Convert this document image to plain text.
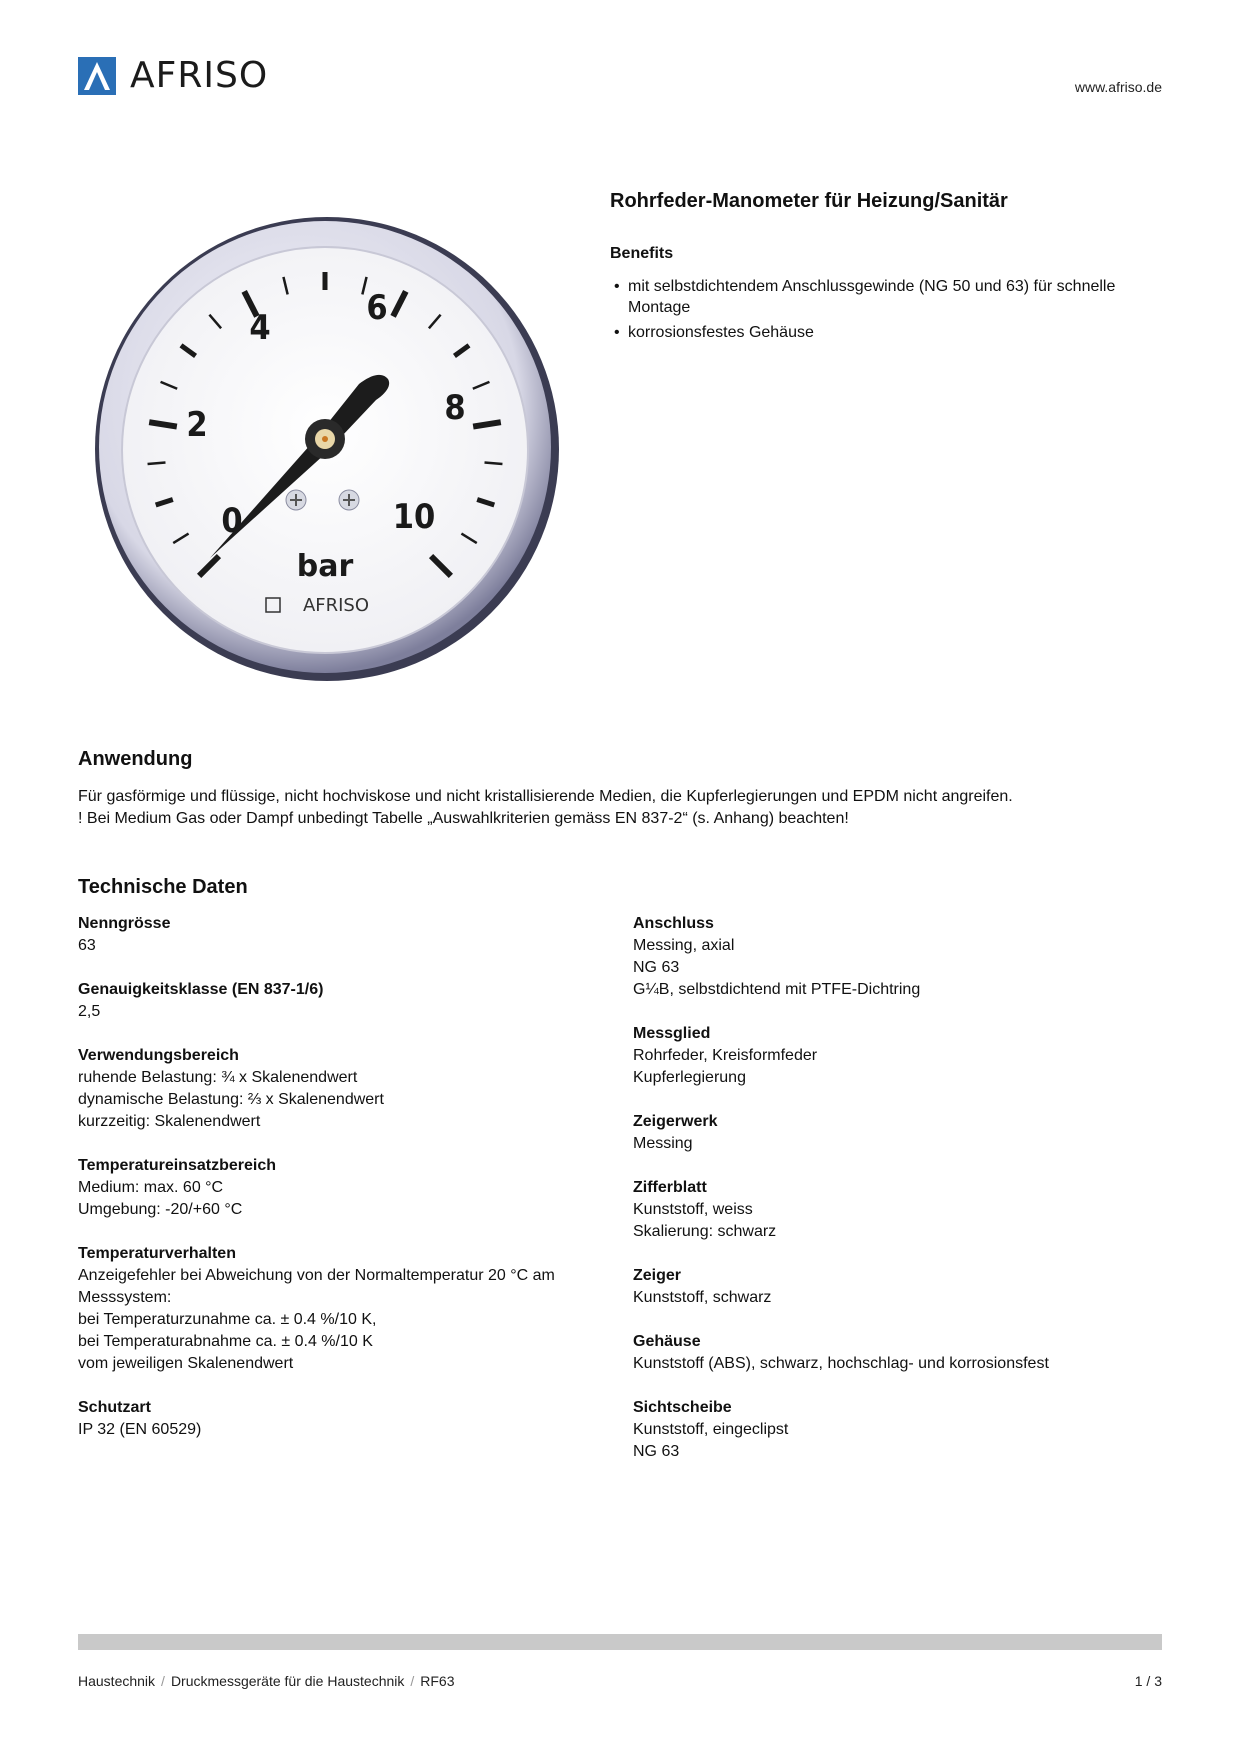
AFRISO	www.afriso.de
0
2
4	6
8
10
bar
AFRISO
Rohrfeder-Manometer für Heizung/Sanitär
Benefits
• mit selbstdichtendem Anschlussgewinde (NG 50 und 63) für schnelle Montage
• korrosionsfestes Gehäuse
Anwendung
Für gasförmige und flüssige, nicht hochviskose und nicht kristallisierende Medien, die Kupferlegierungen und EPDM nicht angreifen.
! Bei Medium Gas oder Dampf unbedingt Tabelle „Auswahlkriterien gemäss EN 837-2“ (s. Anhang) beachten!
Technische Daten
Nenngrösse
63
Genauigkeitsklasse (EN 837-1/6)
2,5
Verwendungsbereich
ruhende Belastung: ¾ x Skalenendwert
dynamische Belastung: ⅔ x Skalenendwert
kurzzeitig: Skalenendwert
Temperatureinsatzbereich
Medium: max. 60 °C
Umgebung: -20/+60 °C
Temperaturverhalten
Anzeigefehler bei Abweichung von der Normaltemperatur 20 °C am
Messsystem:
bei Temperaturzunahme ca. ± 0.4 %/10 K,
bei Temperaturabnahme ca. ± 0.4 %/10 K
vom jeweiligen Skalenendwert
Schutzart
IP 32 (EN 60529)
Anschluss
Messing, axial
NG 63
G¼B, selbstdichtend mit PTFE-Dichtring
Messglied
Rohrfeder, Kreisformfeder
Kupferlegierung
Zeigerwerk
Messing
Zifferblatt
Kunststoff, weiss
Skalierung: schwarz
Zeiger
Kunststoff, schwarz
Gehäuse
Kunststoff (ABS), schwarz, hochschlag- und korrosionsfest
Sichtscheibe
Kunststoff, eingeclipst
NG 63
Haustechnik / Druckmessgeräte für die Haustechnik / RF63	1 / 3
